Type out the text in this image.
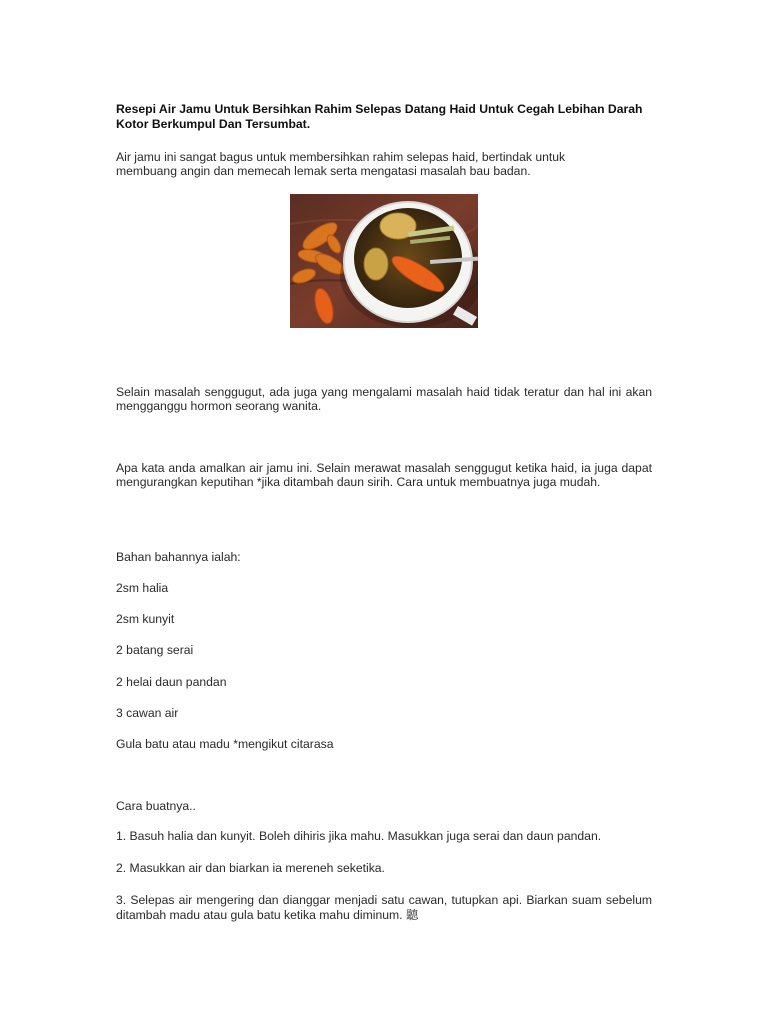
Resepi Air Jamu Untuk Bersihkan Rahim Selepas Datang Haid Untuk Cegah Lebihan Darah Kotor Berkumpul Dan Tersumbat.
Air jamu ini sangat bagus untuk membersihkan rahim selepas haid, bertindak untuk membuang angin dan memecah lemak serta mengatasi masalah bau badan.
Selain masalah senggugut, ada juga yang mengalami masalah haid tidak teratur dan hal ini akan mengganggu hormon seorang wanita.
Apa kata anda amalkan air jamu ini. Selain merawat masalah senggugut ketika haid, ia juga dapat mengurangkan keputihan *jika ditambah daun sirih. Cara untuk membuatnya juga mudah.
Bahan bahannya ialah:
2sm halia
2sm kunyit
2 batang serai
2 helai daun pandan
3 cawan air
Gula batu atau madu *mengikut citarasa
Cara buatnya..
1. Basuh halia dan kunyit. Boleh dihiris jika mahu. Masukkan juga serai dan daun pandan.
2. Masukkan air dan biarkan ia mereneh seketika.
3. Selepas air mengering dan dianggar menjadi satu cawan, tutupkan api. Biarkan suam sebelum ditambah madu atau gula batu ketika mahu diminum. 聽
